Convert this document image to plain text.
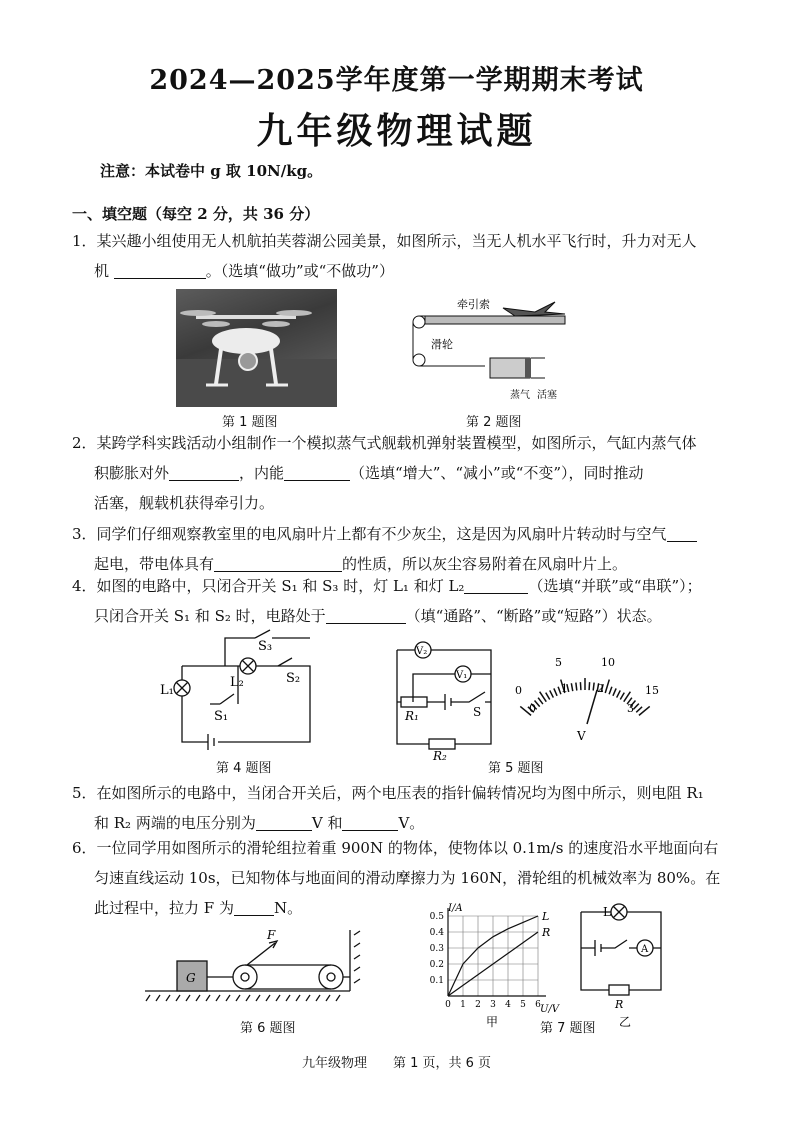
2024—2025学年度第一学期期末考试
九年级物理试题
注意：本试卷中 g 取 10N/kg。
一、填空题（每空 2 分，共 36 分）
1．某兴趣小组使用无人机航拍芙蓉湖公园美景，如图所示，当无人机水平飞行时，升力对无人
机	。（选填“做功”或“不做功”）
第 1 题图
牵引索
滑轮
蒸气 活塞
第 2 题图
2．某跨学科实践活动小组制作一个模拟蒸气式舰载机弹射装置模型，如图所示，气缸内蒸气体
积膨胀对外	，内能	（选填“增大”、“减小”或“不变”），同时推动
活塞，舰载机获得牵引力。
3．同学们仔细观察教室里的电风扇叶片上都有不少灰尘，这是因为风扇叶片转动时与空气
起电，带电体具有	的性质，所以灰尘容易附着在风扇叶片上。
4．如图的电路中，只闭合开关 S₁ 和 S₃ 时，灯 L₁ 和灯 L₂	（选填“并联”或“串联”）；
只闭合开关 S₁ 和 S₂ 时，电路处于	（填“通路”、“断路”或“短路”）状态。
L₁
L₂
S₁
S₂
S₃
第 4 题图
V₂
V₁
R₁	S
R₂
第 5 题图
0
5	10
15
0
1	2
3
V
5．在如图所示的电路中，当闭合开关后，两个电压表的指针偏转情况均为图中所示，则电阻 R₁
和 R₂ 两端的电压分别为	V 和	V。
6．一位同学用如图所示的滑轮组拉着重 900N 的物体，使物体以 0.1m/s 的速度沿水平地面向右
匀速直线运动 10s，已知物体与地面间的滑动摩擦力为 160N，滑轮组的机械效率为 80%。在
此过程中，拉力 F 为	N。
G
F
第 6 题图
0.5
0.4
0.3
0.2
0.1
0 1 2 3 4 5 6
L
R
I/A
U/V
甲
L
A
R
乙
第 7 题图
九年级物理　　第 1 页，共 6 页
